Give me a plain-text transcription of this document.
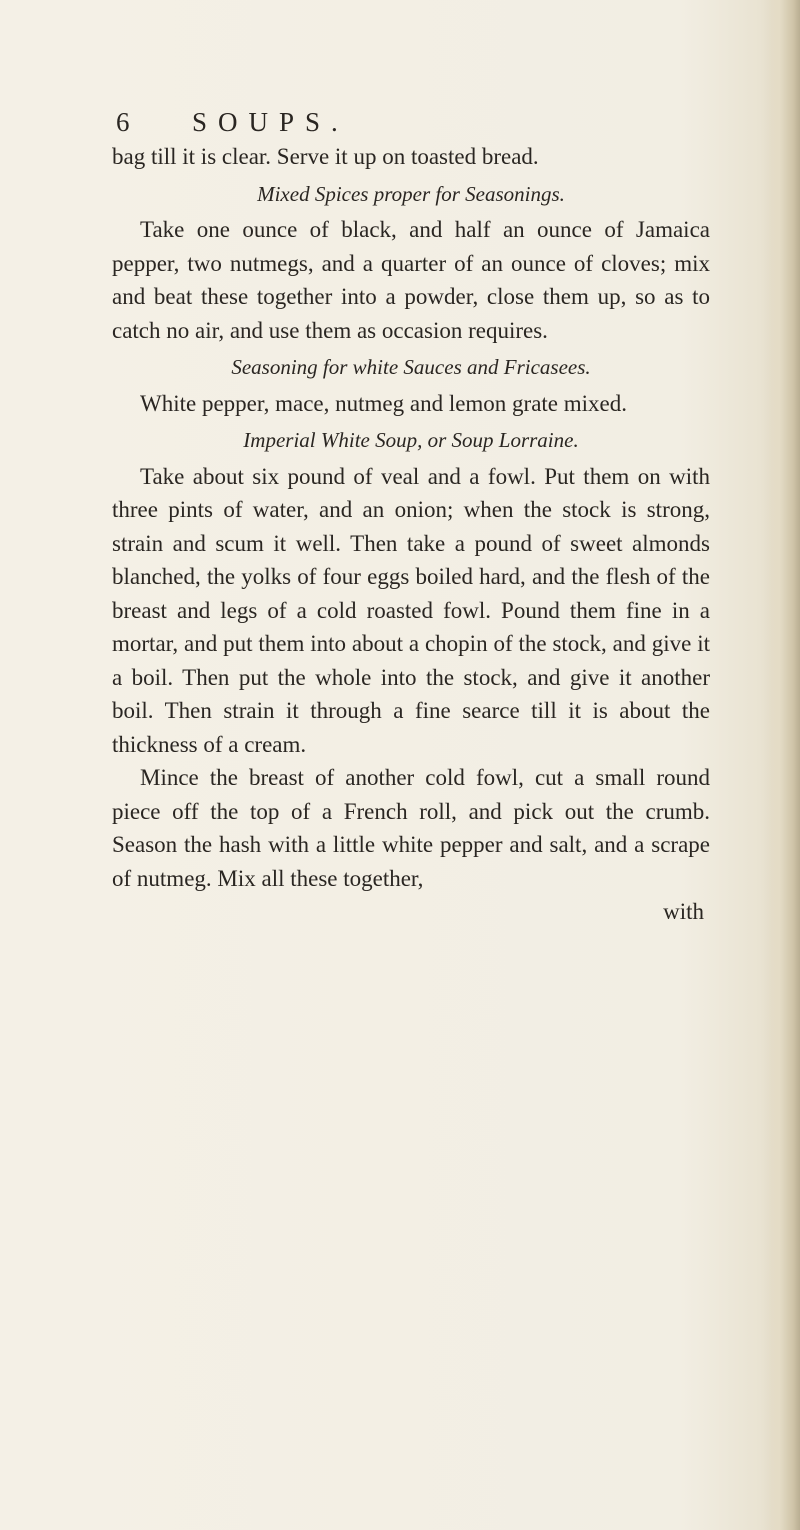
6 SOUPS.
bag till it is clear. Serve it up on toasted bread.
Mixed Spices proper for Seasonings.

Take one ounce of black, and half an ounce of Jamaica pepper, two nutmegs, and a quarter of an ounce of cloves; mix and beat these together into a powder, close them up, so as to catch no air, and use them as occasion requires.

Seasoning for white Sauces and Fricasees.

White pepper, mace, nutmeg and lemon grate mixed.

Imperial White Soup, or Soup Lorraine.

Take about six pound of veal and a fowl. Put them on with three pints of water, and an onion; when the stock is strong, strain and scum it well. Then take a pound of sweet almonds blanched, the yolks of four eggs boiled hard, and the flesh of the breast and legs of a cold roasted fowl. Pound them fine in a mortar, and put them into about a chopin of the stock, and give it a boil. Then put the whole into the stock, and give it another boil. Then strain it through a fine searce till it is about the thickness of a cream.

Mince the breast of another cold fowl, cut a small round piece off the top of a French roll, and pick out the crumb. Season the hash with a little white pepper and salt, and a scrape of nutmeg. Mix all these together,

with
